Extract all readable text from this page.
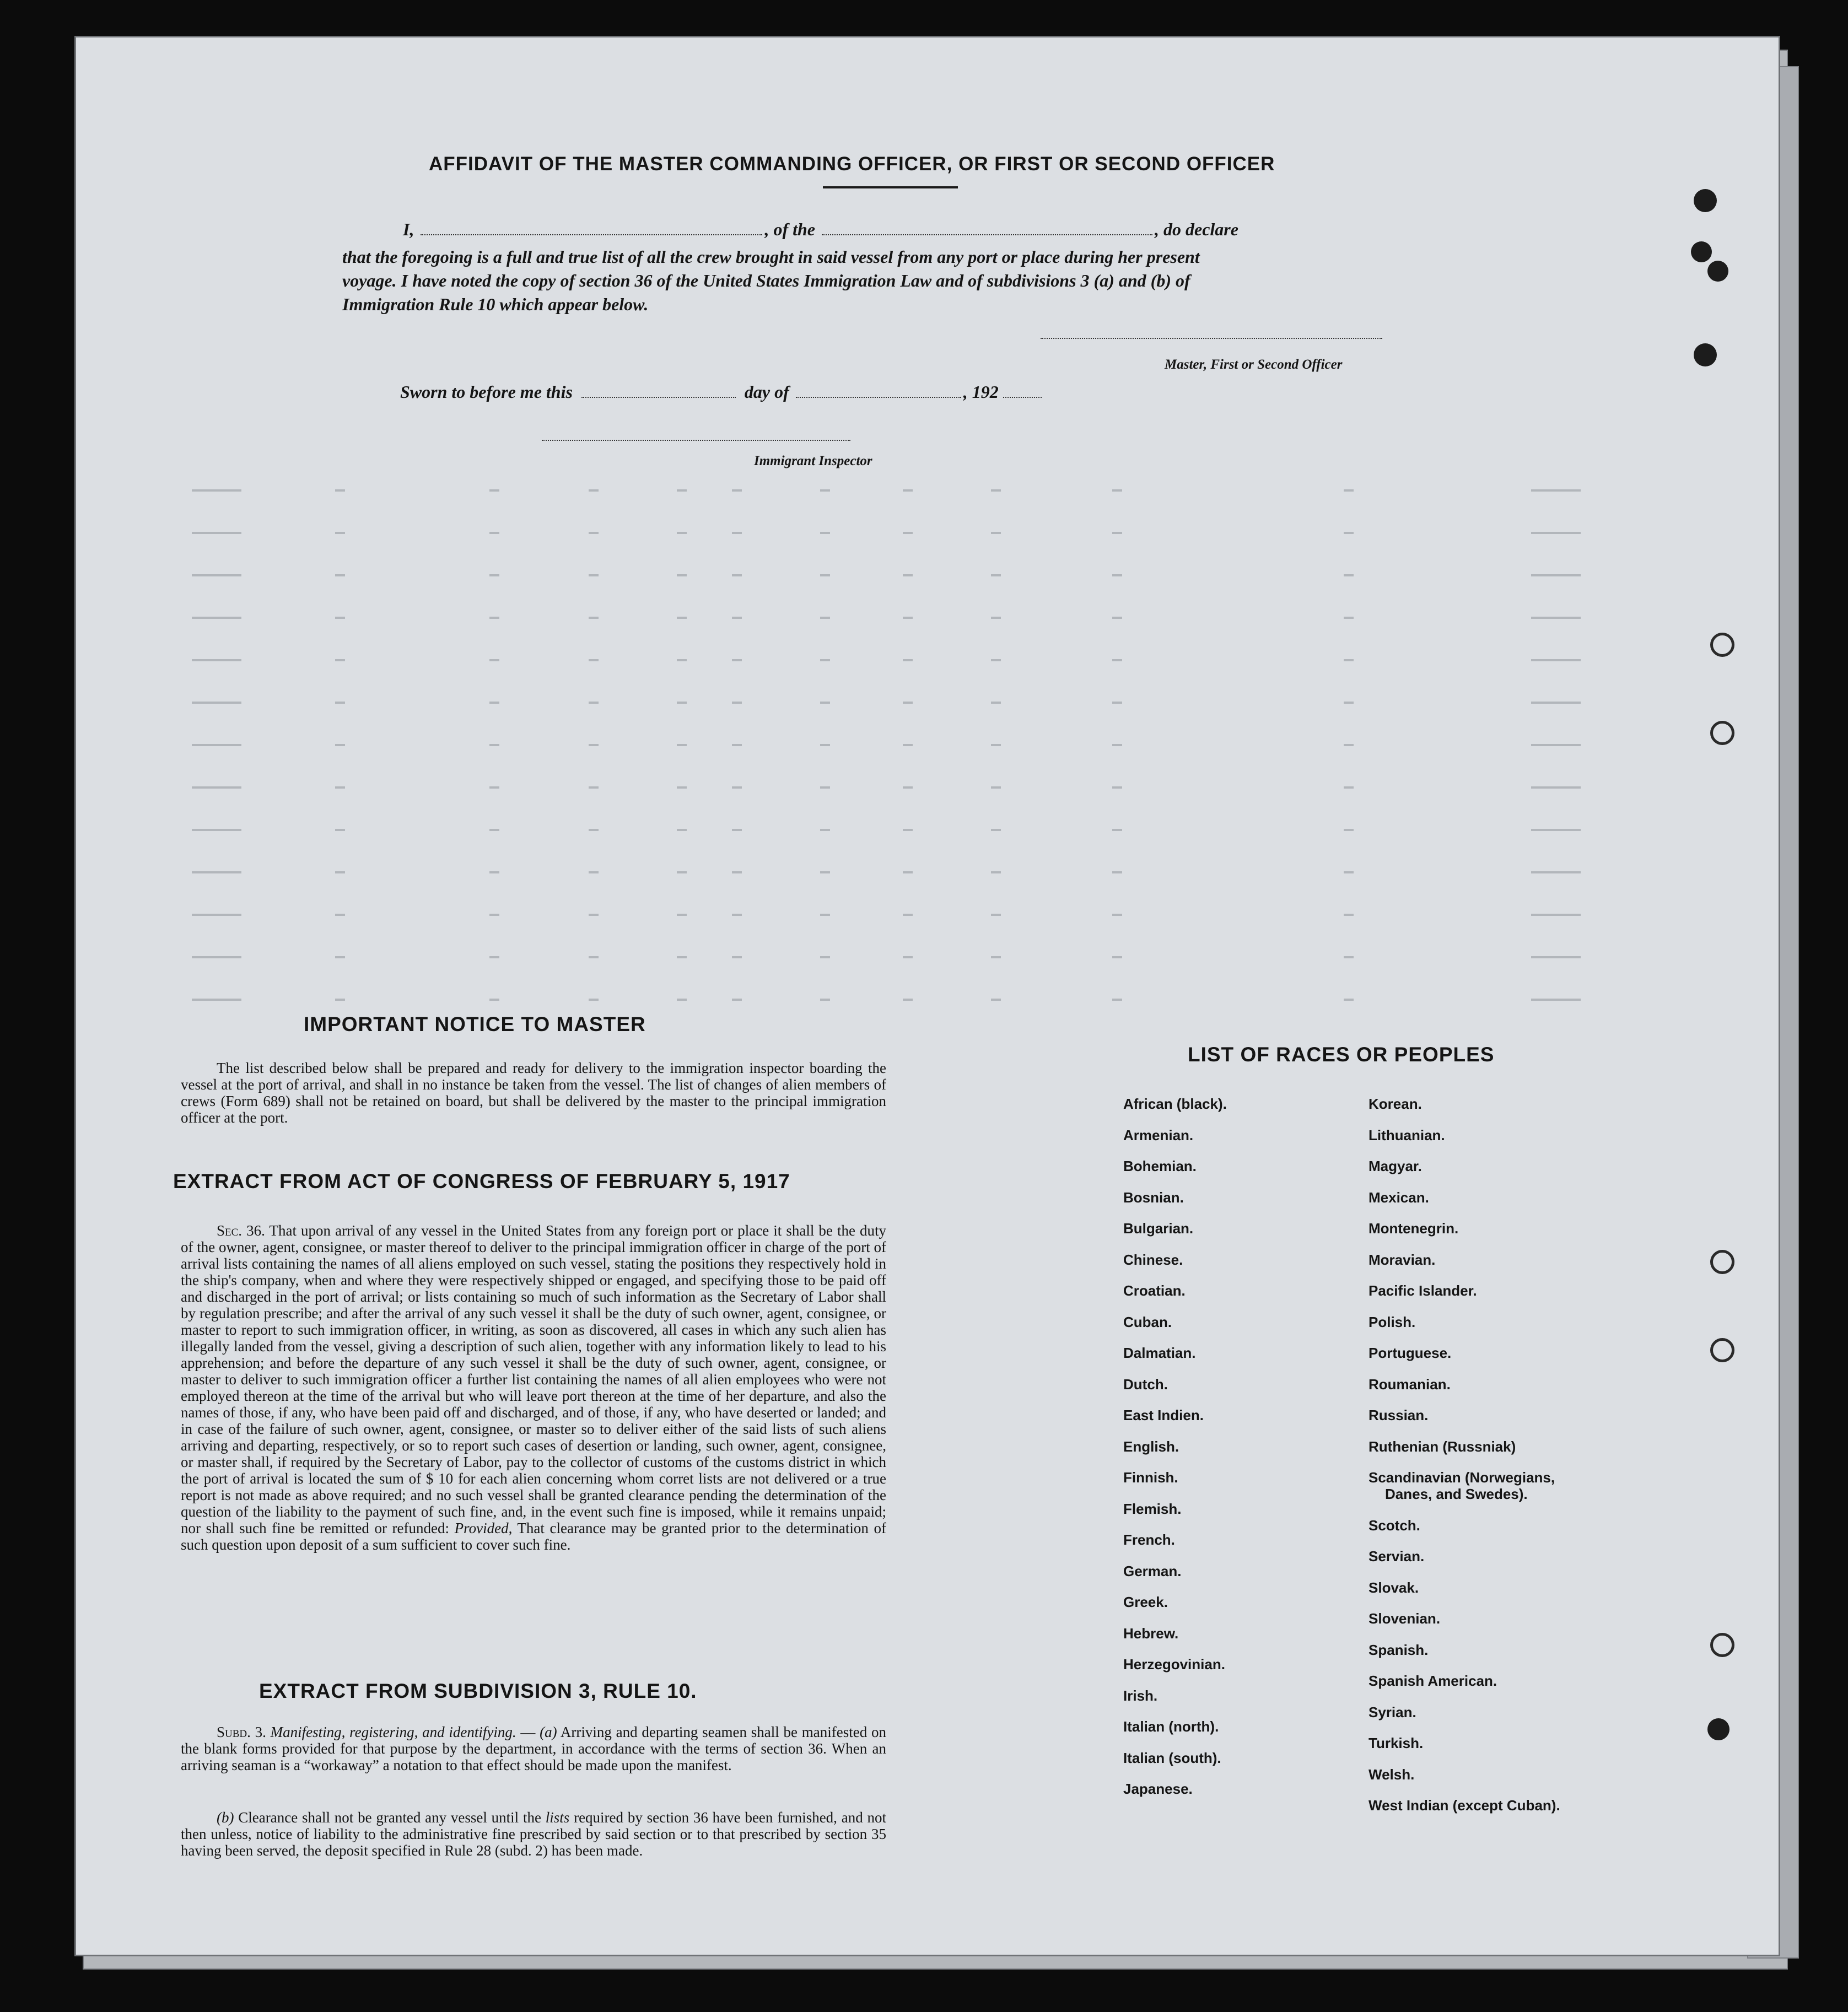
AFFIDAVIT OF THE MASTER COMMANDING OFFICER, OR FIRST OR SECOND OFFICER
I,	, of the	, do declare
that the foregoing is a full and true list of all the crew brought in said vessel from any port or place during her present
voyage. I have noted the copy of section 36 of the United States Immigration Law and of subdivisions 3 (a) and (b) of
Immigration Rule 10 which appear below.
Master, First or Second Officer
Sworn to before me this	day of	, 192
Immigrant Inspector
IMPORTANT NOTICE TO MASTER
The list described below shall be prepared and ready for delivery to the immigration inspector boarding the vessel at the port of arrival, and shall in no instance be taken from the vessel. The list of changes of alien members of crews (Form 689) shall not be retained on board, but shall be delivered by the master to the principal immigration officer at the port.
EXTRACT FROM ACT OF CONGRESS OF FEBRUARY 5, 1917
Sec. 36. That upon arrival of any vessel in the United States from any foreign port or place it shall be the duty of the owner, agent, consignee, or master thereof to deliver to the principal immigration officer in charge of the port of arrival lists containing the names of all aliens employed on such vessel, stating the positions they respectively hold in the ship's company, when and where they were respectively shipped or engaged, and specifying those to be paid off and discharged in the port of arrival; or lists containing so much of such information as the Secretary of Labor shall by regulation prescribe; and after the arrival of any such vessel it shall be the duty of such owner, agent, consignee, or master to report to such immigration officer, in writing, as soon as discovered, all cases in which any such alien has illegally landed from the vessel, giving a description of such alien, together with any information likely to lead to his apprehension; and before the departure of any such vessel it shall be the duty of such owner, agent, consignee, or master to deliver to such immigration officer a further list containing the names of all alien employees who were not employed thereon at the time of the arrival but who will leave port thereon at the time of her departure, and also the names of those, if any, who have been paid off and discharged, and of those, if any, who have deserted or landed; and in case of the failure of such owner, agent, consignee, or master so to deliver either of the said lists of such aliens arriving and departing, respectively, or so to report such cases of desertion or landing, such owner, agent, consignee, or master shall, if required by the Secretary of Labor, pay to the collector of customs of the customs district in which the port of arrival is located the sum of $ 10 for each alien concerning whom corret lists are not delivered or a true report is not made as above required; and no such vessel shall be granted clearance pending the determination of the question of the liability to the payment of such fine, and, in the event such fine is imposed, while it remains unpaid; nor shall such fine be remitted or refunded: Provided, That clearance may be granted prior to the determination of such question upon deposit of a sum sufficient to cover such fine.
EXTRACT FROM SUBDIVISION 3, RULE 10.
Subd. 3. Manifesting, registering, and identifying. — (a) Arriving and departing seamen shall be manifested on the blank forms provided for that purpose by the department, in accordance with the terms of section 36. When an arriving seaman is a “workaway” a notation to that effect should be made upon the manifest.
(b) Clearance shall not be granted any vessel until the lists required by section 36 have been furnished, and not then unless, notice of liability to the administrative fine prescribed by said section or to that prescribed by section 35 having been served, the deposit specified in Rule 28 (subd. 2) has been made.
LIST OF RACES OR PEOPLES
African (black).
Armenian.
Bohemian.
Bosnian.
Bulgarian.
Chinese.
Croatian.
Cuban.
Dalmatian.
Dutch.
East Indien.
English.
Finnish.
Flemish.
French.
German.
Greek.
Hebrew.
Herzegovinian.
Irish.
Italian (north).
Italian (south).
Japanese.
Korean.
Lithuanian.
Magyar.
Mexican.
Montenegrin.
Moravian.
Pacific Islander.
Polish.
Portuguese.
Roumanian.
Russian.
Ruthenian (Russniak)
Scandinavian (Norwegians,
Danes, and Swedes).
Scotch.
Servian.
Slovak.
Slovenian.
Spanish.
Spanish American.
Syrian.
Turkish.
Welsh.
West Indian (except Cuban).
